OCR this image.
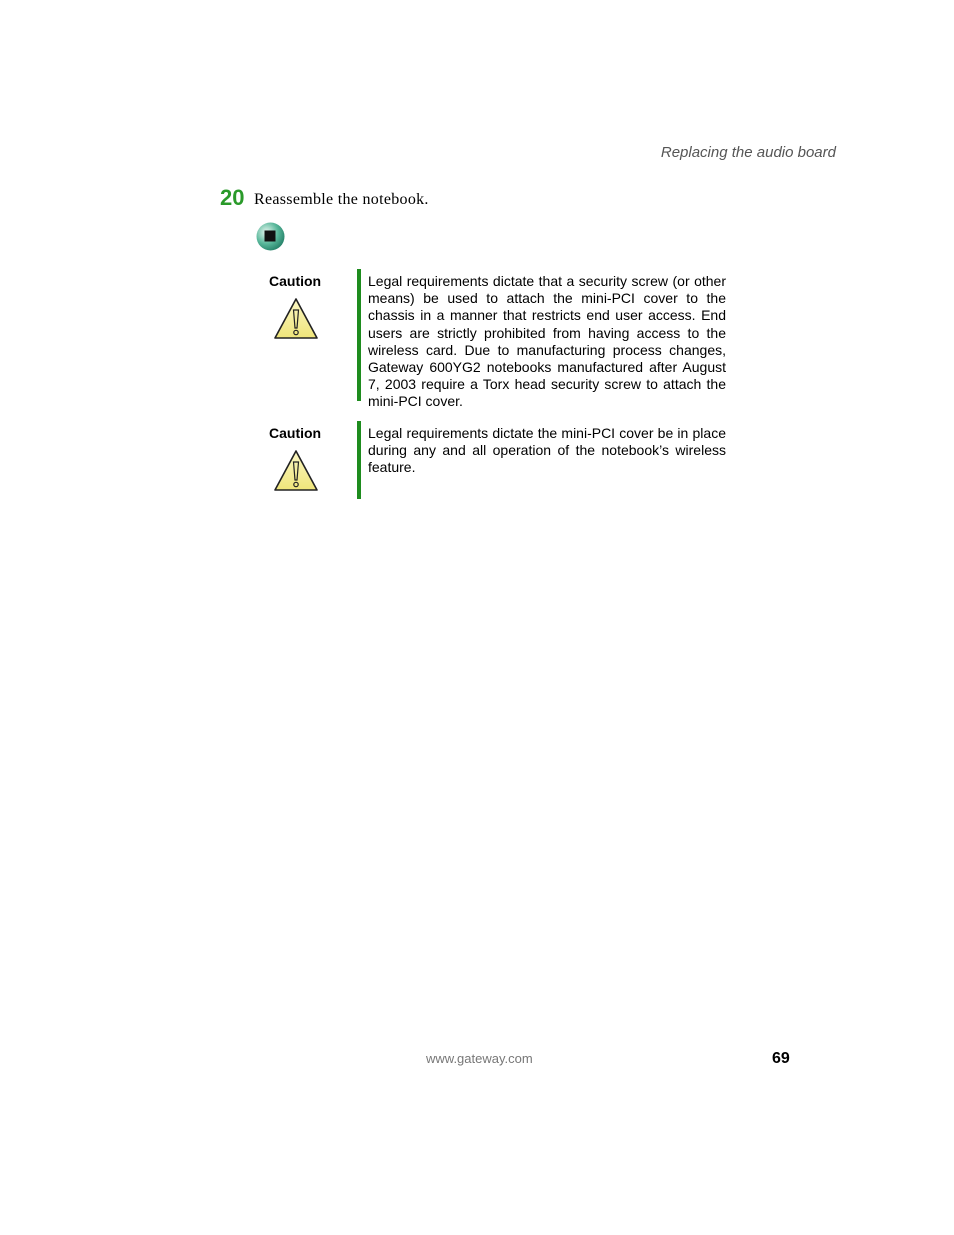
Replacing the audio board
20 Reassemble the notebook.
Caution	Legal requirements dictate that a security screw (or other means) be used to attach the mini-PCI cover to the chassis in a manner that restricts end user access. End users are strictly prohibited from having access to the wireless card. Due to manufacturing process changes, Gateway 600YG2 notebooks manufactured after August 7, 2003 require a Torx head security screw to attach the mini-PCI cover.
Caution	Legal requirements dictate the mini-PCI cover be in place during any and all operation of the notebook’s wireless feature.
www.gateway.com	69
